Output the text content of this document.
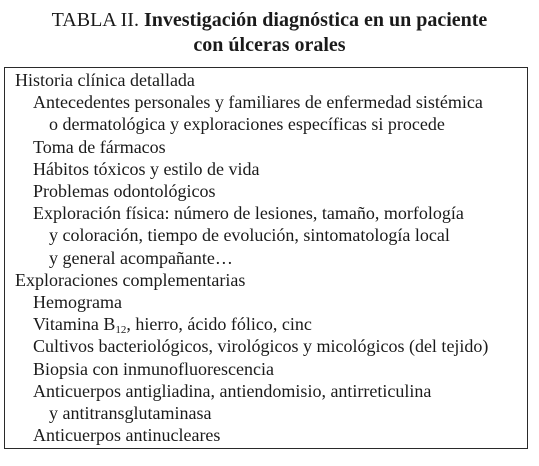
TABLA II. Investigación diagnóstica en un paciente
con úlceras orales
Historia clínica detallada
Antecedentes personales y familiares de enfermedad sistémica
o dermatológica y exploraciones específicas si procede
Toma de fármacos
Hábitos tóxicos y estilo de vida
Problemas odontológicos
Exploración física: número de lesiones, tamaño, morfología
y coloración, tiempo de evolución, sintomatología local
y general acompañante…
Exploraciones complementarias
Hemograma
Vitamina $B_{12}$, hierro, ácido fólico, cinc
Cultivos bacteriológicos, virológicos y micológicos (del tejido)
Biopsia con inmunofluorescencia
Anticuerpos antigliadina, antiendomisio, antirreticulina
y antitransglutaminasa
Anticuerpos antinucleares
